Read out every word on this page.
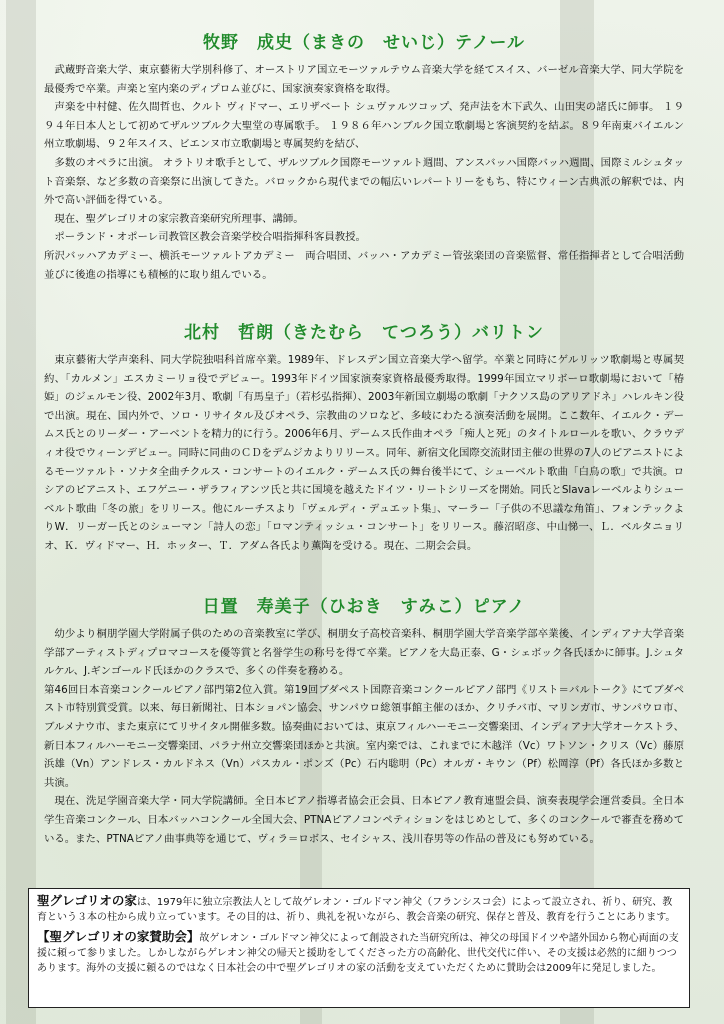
牧野　成史（まきの　せいじ）テノール

武蔵野音楽大学、東京藝術大学別科修了、オーストリア国立モーツァルテウム音楽大学を経てスイス、バーゼル音楽大学、同大学院を最優秀で卒業。声楽と室内楽のディプロム並びに、国家演奏家資格を取得。

声楽を中村健、佐久間哲也、クルト ヴィドマー、エリザベート シュヴァルツコップ、発声法を木下武久、山田実の諸氏に師事。 １９９４年日本人として初めてザルツブルク大聖堂の専属歌手。 １９８６年ハンブルク国立歌劇場と客演契約を結ぶ。８９年南東バイエルン州立歌劇場、９２年スイス、ビエンヌ市立歌劇場と専属契約を結び、

多数のオペラに出演。 オラトリオ歌手として、ザルツブルク国際モーツァルト週間、アンスバッハ国際バッハ週間、国際ミルシュタット音楽祭、など多数の音楽祭に出演してきた。バロックから現代までの幅広いレパートリーをもち、特にウィーン古典派の解釈では、内外で高い評価を得ている。

現在、聖グレゴリオの家宗教音楽研究所理事、講師。

ポーランド・オポーレ司教管区教会音楽学校合唱指揮科客員教授。

所沢バッハアカデミー、横浜モーツァルトアカデミー　両合唱団、バッハ・アカデミー管弦楽団の音楽監督、常任指揮者として合唱活動並びに後進の指導にも積極的に取り組んでいる。

北村　哲朗（きたむら　てつろう）バリトン

東京藝術大学声楽科、同大学院独唱科首席卒業。1989年、ドレスデン国立音楽大学へ留学。卒業と同時にゲルリッツ歌劇場と専属契約、「カルメン」エスカミーリョ役でデビュー。1993年ドイツ国家演奏家資格最優秀取得。1999年国立マリボーロ歌劇場において「椿姫」のジェルモン役、2002年3月、歌劇「有馬皇子」（若杉弘指揮）、2003年新国立劇場の歌劇「ナクソス島のアリアドネ」ハレルキン役で出演。現在、国内外で、ソロ・リサイタル及びオペラ、宗教曲のソロなど、多岐にわたる演奏活動を展開。ここ数年、イエルク・デームス氏とのリーダー・アーベントを精力的に行う。2006年6月、デームス氏作曲オペラ「痴人と死」のタイトルロールを歌い、クラウディオ役でウィーンデビュー。同時に同曲のＣＤをデムジカよりリリース。同年、新宿文化国際交流財団主催の世界の7人のピアニストによるモーツァルト・ソナタ全曲チクルス・コンサートのイエルク・デームス氏の舞台後半にて、シューベルト歌曲「白鳥の歌」で共演。ロシアのピアニスト、エフゲニー・ザラフィアンツ氏と共に国境を越えたドイツ・リートシリーズを開始。同氏とSlavaレーベルよりシューベルト歌曲「冬の旅」をリリース。他にルーチスより「ヴェルディ・デュエット集」、マーラー「子供の不思議な角笛」、フォンテックよりW．リーガー氏とのシューマン「詩人の恋」「ロマンティッシュ・コンサート」をリリース。藤沼昭彦、中山悌一、Ｌ．ベルタニョリオ、Ｋ．ヴィドマー、Ｈ．ホッター、Ｔ．アダム各氏より薫陶を受ける。現在、二期会会員。

日置　寿美子（ひおき　すみこ）ピアノ

幼少より桐朋学園大学附属子供のための音楽教室に学び、桐朋女子高校音楽科、桐朋学園大学音楽学部卒業後、インディアナ大学音楽学部アーティストディプロマコースを優等賞と名誉学生の称号を得て卒業。ピアノを大島正泰、G・シェボック各氏ほかに師事。J.シュタルケル、J.ギンゴールド氏ほかのクラスで、多くの伴奏を務める。

第46回日本音楽コンクールピアノ部門第2位入賞。第19回ブダペスト国際音楽コンクールピアノ部門《リスト＝バルトーク》にてブダペスト市特別賞受賞。以来、毎日新聞社、日本ショパン協会、サンパウロ総領事館主催のほか、クリチバ市、マリンガ市、サンパウロ市、ブルメナウ市、また東京にてリサイタル開催多数。協奏曲においては、東京フィルハーモニー交響楽団、インディアナ大学オーケストラ、新日本フィルハーモニー交響楽団、パラナ州立交響楽団ほかと共演。室内楽では、これまでに木越洋（Vc）ワトソン・クリス（Vc）藤原浜雄（Vn）アンドレス・カルドネス（Vn）パスカル・ポンズ（Pc）石内聡明（Pc）オルガ・キウン（Pf）松岡淳（Pf）各氏ほか多数と共演。

現在、洗足学園音楽大学・同大学院講師。全日本ピアノ指導者協会正会員、日本ピアノ教育連盟会員、演奏表現学会運営委員。全日本学生音楽コンクール、日本バッハコンクール全国大会、PTNAピアノコンペティションをはじめとして、多くのコンクールで審査を務めている。また、PTNAピアノ曲事典等を通じて、ヴィラ＝ロボス、セイシャス、浅川春男等の作品の普及にも努めている。

聖グレゴリオの家は、1979年に独立宗教法人として故ゲレオン・ゴルドマン神父（フランシスコ会）によって設立され、祈り、研究、教育という３本の柱から成り立っています。その目的は、祈り、典礼を祝いながら、教会音楽の研究、保存と普及、教育を行うことにあります。

【聖グレゴリオの家賛助会】故ゲレオン・ゴルドマン神父によって創設された当研究所は、神父の母国ドイツや諸外国から物心両面の支援に頼って参りました。しかしながらゲレオン神父の帰天と援助をしてくださった方の高齢化、世代交代に伴い、その支援は必然的に細りつつあります。海外の支援に頼るのではなく日本社会の中で聖グレゴリオの家の活動を支えていただくために賛助会は2009年に発足しました。
